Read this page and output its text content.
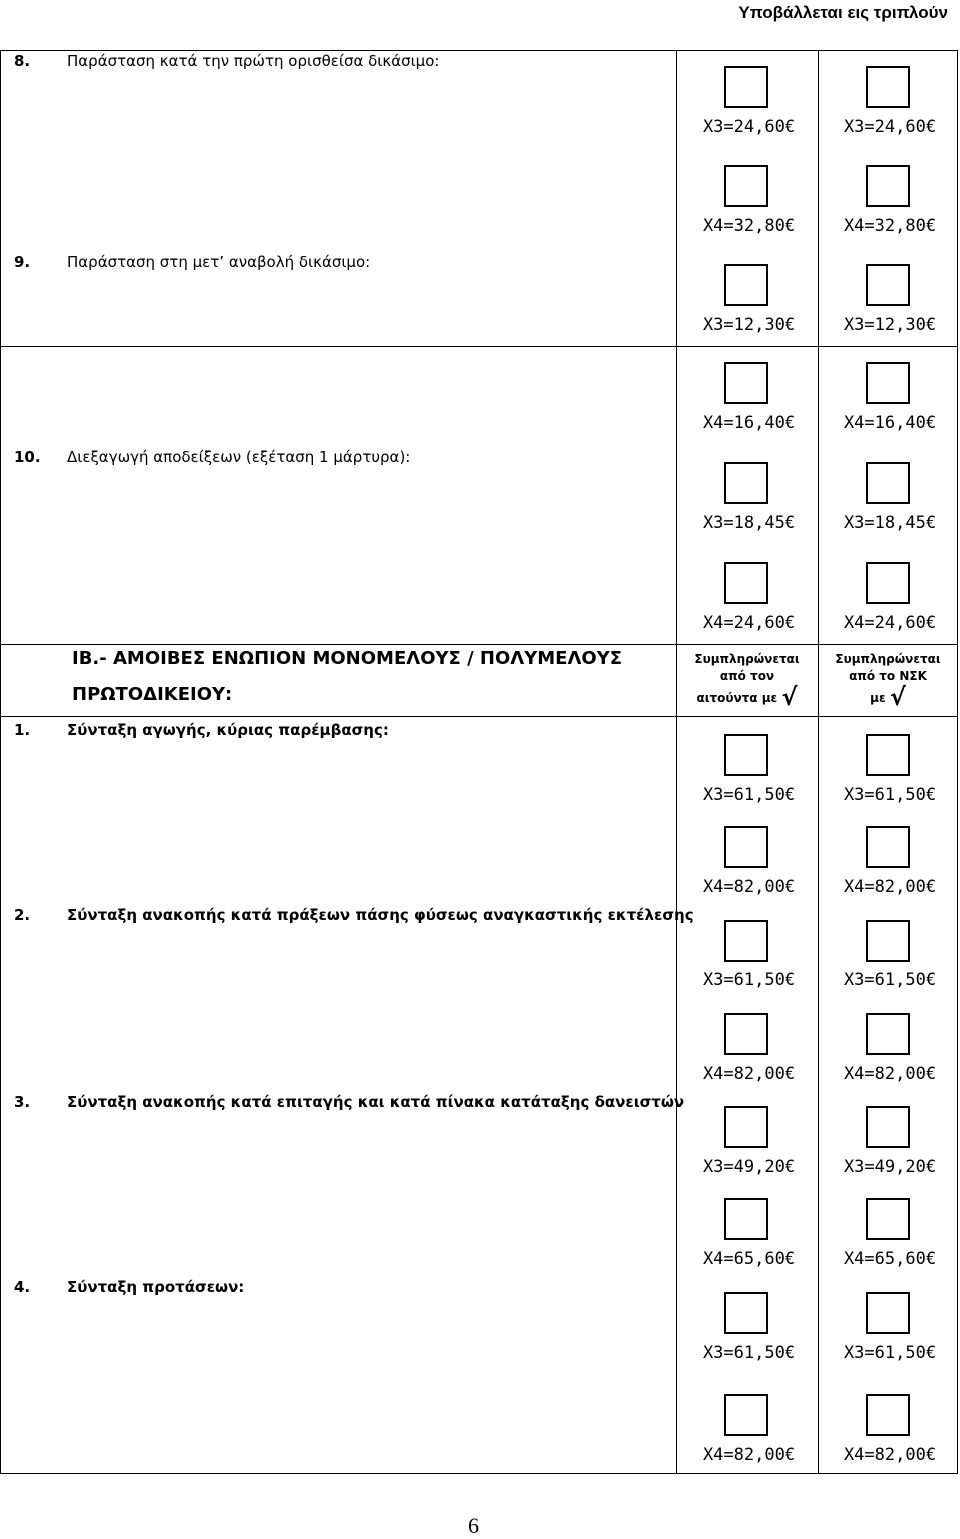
Υποβάλλεται εις τριπλούν
8. Παράσταση κατά την πρώτη ορισθείσα δικάσιμο:
9. Παράσταση στη μετ’ αναβολή δικάσιμο:
10. Διεξαγωγή αποδείξεων (εξέταση 1 μάρτυρα):
ΙΒ.- ΑΜΟΙΒΕΣ ΕΝΩΠΙΟΝ ΜΟΝΟΜΕΛΟΥΣ / ΠΟΛΥΜΕΛΟΥΣ
ΠΡΩΤΟΔΙΚΕΙΟΥ:
Συμπληρώνεται
από τον
αιτούντα με √
Συμπληρώνεται
από το ΝΣΚ
με √
1. Σύνταξη αγωγής, κύριας παρέμβασης:
2. Σύνταξη ανακοπής κατά πράξεων πάσης φύσεως αναγκαστικής εκτέλεσης
3. Σύνταξη ανακοπής κατά επιταγής και κατά πίνακα κατάταξης δανειστών
4. Σύνταξη προτάσεων:
Χ3=24,60€
Χ4=32,80€
Χ3=12,30€
Χ4=16,40€
Χ3=18,45€
Χ4=24,60€
Χ3=61,50€
Χ4=82,00€
Χ3=61,50€
Χ4=82,00€
Χ3=49,20€
Χ4=65,60€
Χ3=61,50€
Χ4=82,00€
Χ3=24,60€
Χ4=32,80€
Χ3=12,30€
Χ4=16,40€
Χ3=18,45€
Χ4=24,60€
Χ3=61,50€
Χ4=82,00€
Χ3=61,50€
Χ4=82,00€
Χ3=49,20€
Χ4=65,60€
Χ3=61,50€
Χ4=82,00€
6
